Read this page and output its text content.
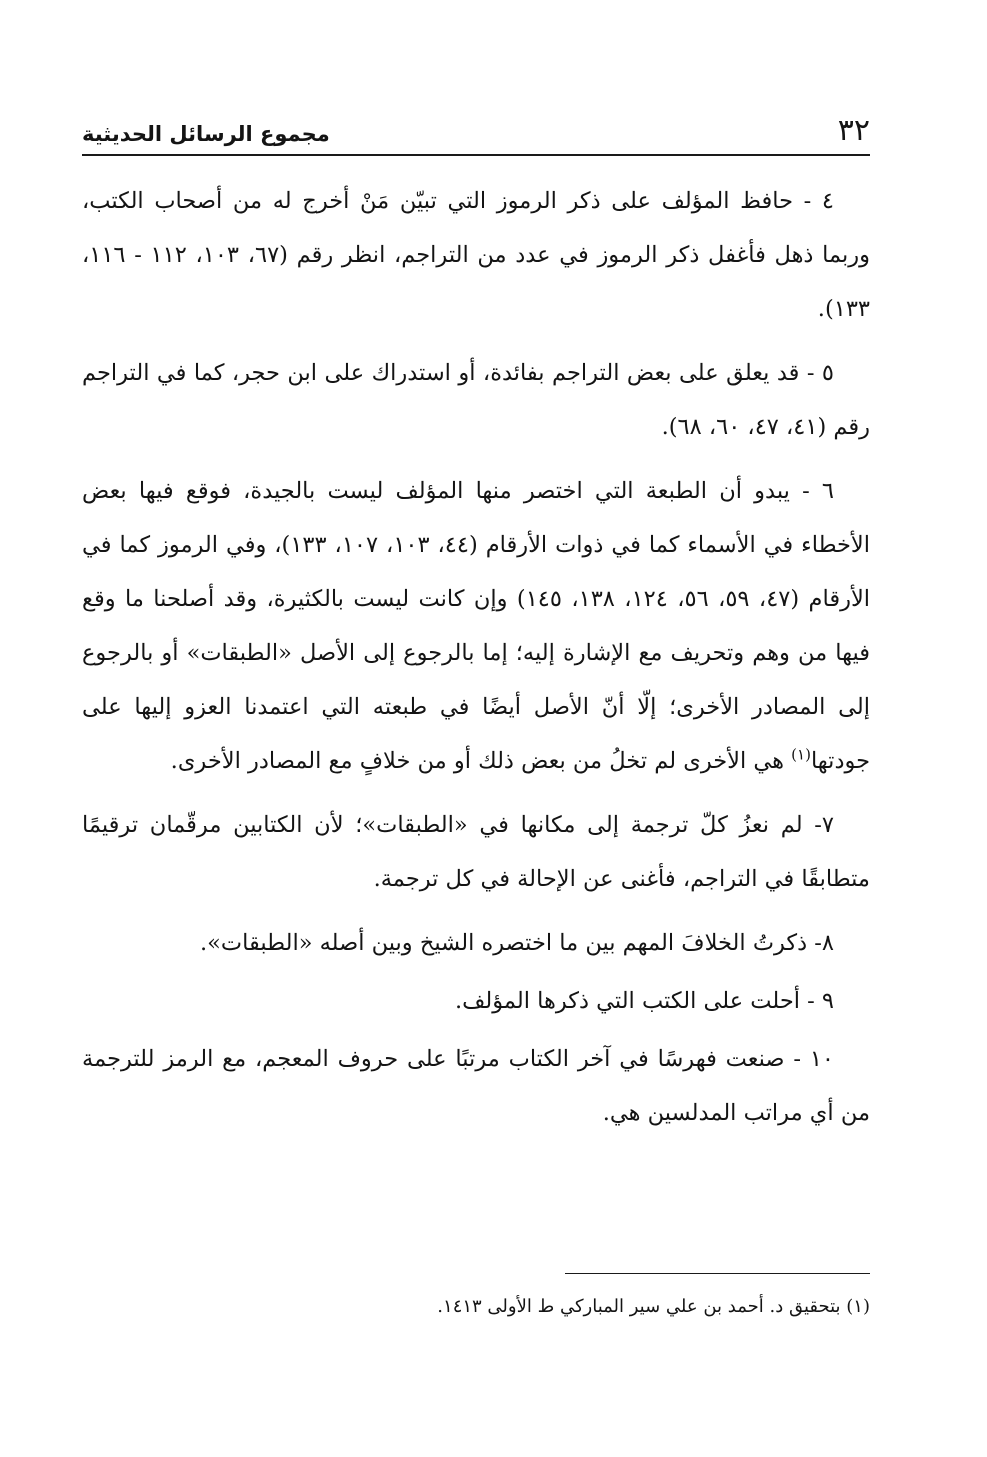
٣٢
مجموع الرسائل الحديثية

٤ - حافظ المؤلف على ذكر الرموز التي تبيّن مَنْ أخرج له من أصحاب الكتب، وربما ذهل فأغفل ذكر الرموز في عدد من التراجم، انظر رقم (٦٧، ١٠٣، ١١٢ - ١١٦، ١٣٣).

٥ - قد يعلق على بعض التراجم بفائدة، أو استدراك على ابن حجر، كما في التراجم رقم (٤١، ٤٧، ٦٠، ٦٨).

٦ - يبدو أن الطبعة التي اختصر منها المؤلف ليست بالجيدة، فوقع فيها بعض الأخطاء في الأسماء كما في ذوات الأرقام (٤٤، ١٠٣، ١٠٧، ١٣٣)، وفي الرموز كما في الأرقام (٤٧، ٥٩، ٥٦، ١٢٤، ١٣٨، ١٤٥) وإن كانت ليست بالكثيرة، وقد أصلحنا ما وقع فيها من وهم وتحريف مع الإشارة إليه؛ إما بالرجوع إلى الأصل «الطبقات» أو بالرجوع إلى المصادر الأخرى؛ إلّا أنّ الأصل أيضًا في طبعته التي اعتمدنا العزو إليها على جودتها$^{(١)}$ هي الأخرى لم تخلُ من بعض ذلك أو من خلافٍ مع المصادر الأخرى.

٧- لم نعزُ كلّ ترجمة إلى مكانها في «الطبقات»؛ لأن الكتابين مرقّمان ترقيمًا متطابقًا في التراجم، فأغنى عن الإحالة في كل ترجمة.

٨- ذكرتُ الخلافَ المهم بين ما اختصره الشيخ وبين أصله «الطبقات».

٩ - أحلت على الكتب التي ذكرها المؤلف.

١٠ - صنعت فهرسًا في آخر الكتاب مرتبًا على حروف المعجم، مع الرمز للترجمة من أي مراتب المدلسين هي.

(١) بتحقيق د. أحمد بن علي سير المباركي ط الأولى ١٤١٣.
